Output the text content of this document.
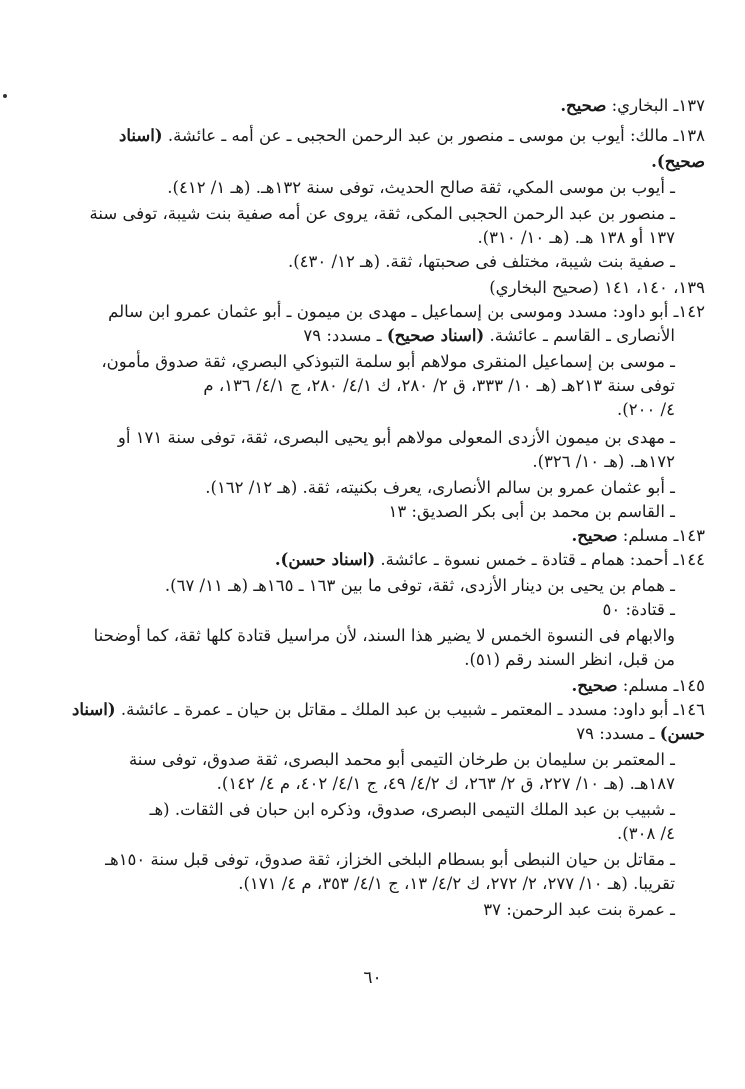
١٣٧ـ البخاري: صحيح.
١٣٨ـ مالك: أيوب بن موسى ـ منصور بن عبد الرحمن الحجبى ـ عن أمه ـ عائشة. (اسناد
صحيح).
ـ أيوب بن موسى المكي، ثقة صالح الحديث، توفى سنة ١٣٢هـ. (هـ ١/ ٤١٢).
ـ منصور بن عبد الرحمن الحجبى المكى، ثقة، يروى عن أمه صفية بنت شيبة، توفى سنة
١٣٧ أو ١٣٨ هـ. (هـ ١٠/ ٣١٠).
ـ صفية بنت شيبة، مختلف فى صحبتها، ثقة. (هـ ١٢/ ٤٣٠).
١٣٩، ١٤٠، ١٤١ (صحيح البخاري)
١٤٢ـ أبو داود: مسدد وموسى بن إسماعيل ـ مهدى بن ميمون ـ أبو عثمان عمرو ابن سالم
الأنصارى ـ القاسم ـ عائشة. (اسناد صحيح) ـ مسدد: ٧٩
ـ موسى بن إسماعيل المنقرى مولاهم أبو سلمة التبوذكي البصري، ثقة صدوق مأمون،
توفى سنة ٢١٣هـ (هـ ١٠/ ٣٣٣، ق ٢/ ٢٨٠، ك ٤/١/ ٢٨٠، ج ٤/١/ ١٣٦، م
٤/ ٢٠٠).
ـ مهدى بن ميمون الأزدى المعولى مولاهم أبو يحيى البصرى، ثقة، توفى سنة ١٧١ أو
١٧٢هـ. (هـ ١٠/ ٣٢٦).
ـ أبو عثمان عمرو بن سالم الأنصارى، يعرف بكنيته، ثقة. (هـ ١٢/ ١٦٢).
ـ القاسم بن محمد بن أبى بكر الصديق: ١٣
١٤٣ـ مسلم: صحيح.
١٤٤ـ أحمد: همام ـ قتادة ـ خمس نسوة ـ عائشة. (اسناد حسن).
ـ همام بن يحيى بن دينار الأزدى، ثقة، توفى ما بين ١٦٣ ـ ١٦٥هـ (هـ ١١/ ٦٧).
ـ قتادة: ٥٠
والابهام فى النسوة الخمس لا يضير هذا السند، لأن مراسيل قتادة كلها ثقة، كما أوضحنا
من قبل، انظر السند رقم (٥١).
١٤٥ـ مسلم: صحيح.
١٤٦ـ أبو داود: مسدد ـ المعتمر ـ شبيب بن عبد الملك ـ مقاتل بن حيان ـ عمرة ـ عائشة. (اسناد
حسن) ـ مسدد: ٧٩
ـ المعتمر بن سليمان بن طرخان التيمى أبو محمد البصرى، ثقة صدوق، توفى سنة
١٨٧هـ. (هـ ١٠/ ٢٢٧، ق ٢/ ٢٦٣، ك ٤/٢/ ٤٩، ج ٤/١/ ٤٠٢، م ٤/ ١٤٢).
ـ شبيب بن عبد الملك التيمى البصرى، صدوق، وذكره ابن حبان فى الثقات. (هـ
٤/ ٣٠٨).
ـ مقاتل بن حيان النبطى أبو بسطام البلخى الخزاز، ثقة صدوق، توفى قبل سنة ١٥٠هـ
تقريبا. (هـ ١٠/ ٢٧٧، ٢/ ٢٧٢، ك ٤/٢/ ١٣، ج ٤/١/ ٣٥٣، م ٤/ ١٧١).
ـ عمرة بنت عبد الرحمن: ٣٧
٦٠
